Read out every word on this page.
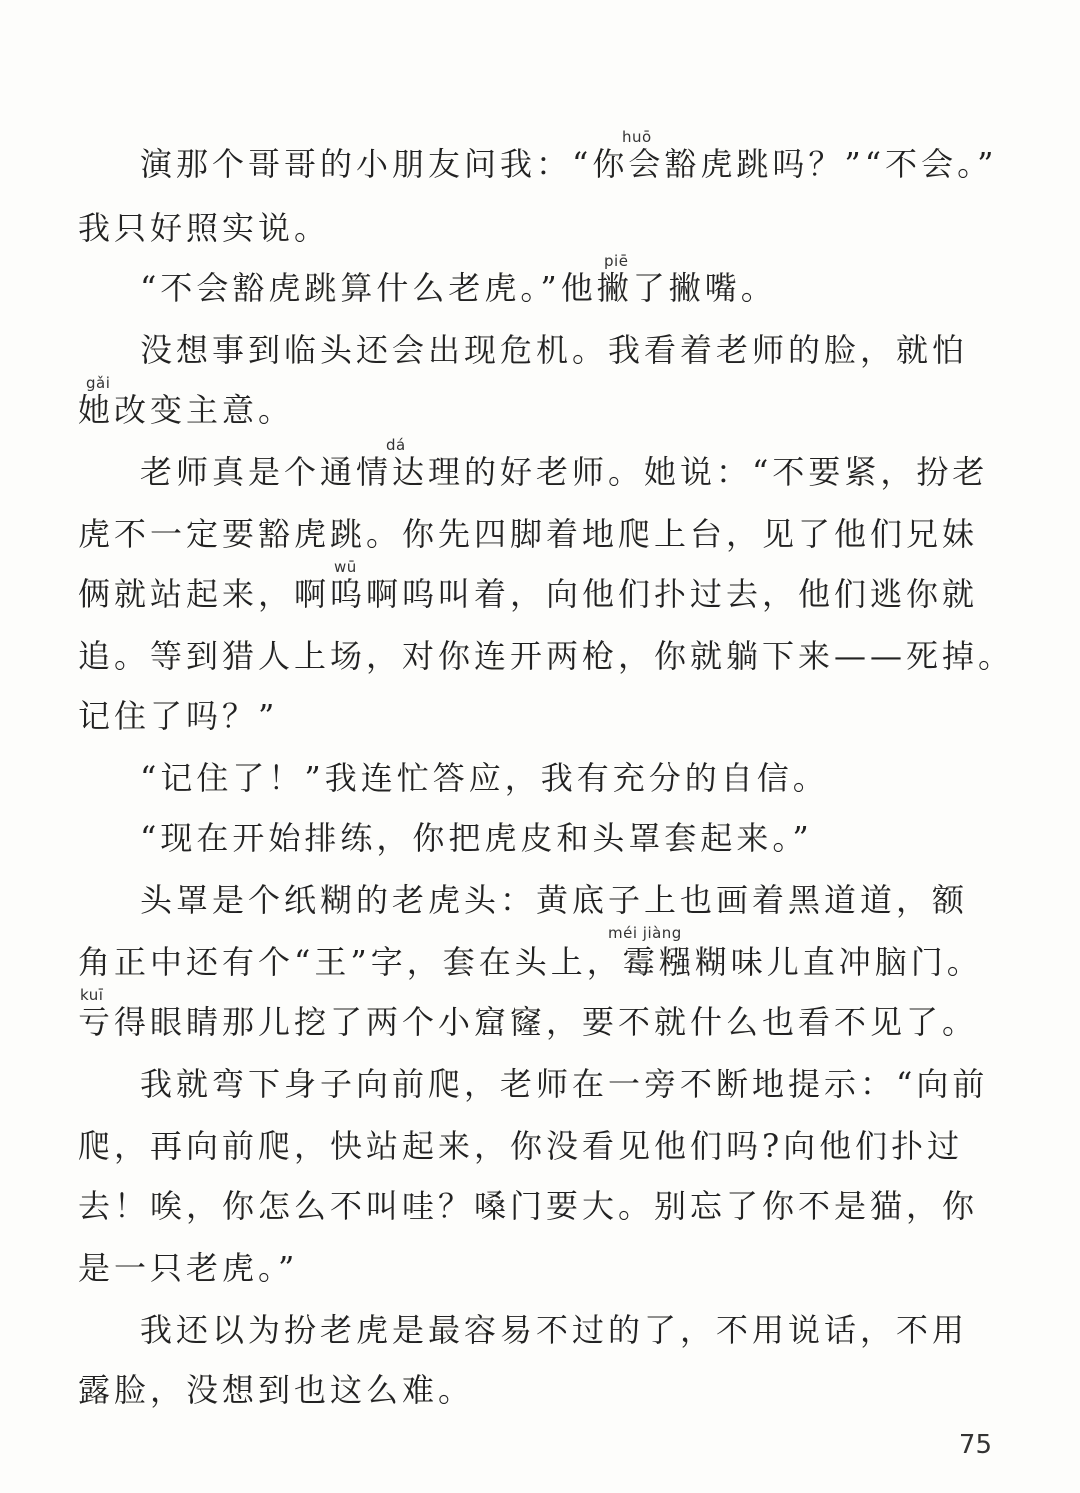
演那个哥哥的小朋友问我：“你会豁虎跳吗？”“不会。”
我只好照实说。
“不会豁虎跳算什么老虎。”他撇了撇嘴。
没想事到临头还会出现危机。我看着老师的脸，就怕
她改变主意。
老师真是个通情达理的好老师。她说：“不要紧，扮老
虎不一定要豁虎跳。你先四脚着地爬上台，见了他们兄妹
俩就站起来，啊呜啊呜叫着，向他们扑过去，他们逃你就
追。等到猎人上场，对你连开两枪，你就躺下来——死掉。
记住了吗？”
“记住了！”我连忙答应，我有充分的自信。
“现在开始排练，你把虎皮和头罩套起来。”
头罩是个纸糊的老虎头：黄底子上也画着黑道道，额
角正中还有个“王”字，套在头上，霉糨糊味儿直冲脑门。
亏得眼睛那儿挖了两个小窟窿，要不就什么也看不见了。
我就弯下身子向前爬，老师在一旁不断地提示：“向前
爬，再向前爬，快站起来，你没看见他们吗?向他们扑过
去！唉，你怎么不叫哇？嗓门要大。别忘了你不是猫，你
是一只老虎。”
我还以为扮老虎是最容易不过的了，不用说话，不用
露脸，没想到也这么难。
huō
piē
gǎi
dá
wū
méi jiàng
kuī
75
